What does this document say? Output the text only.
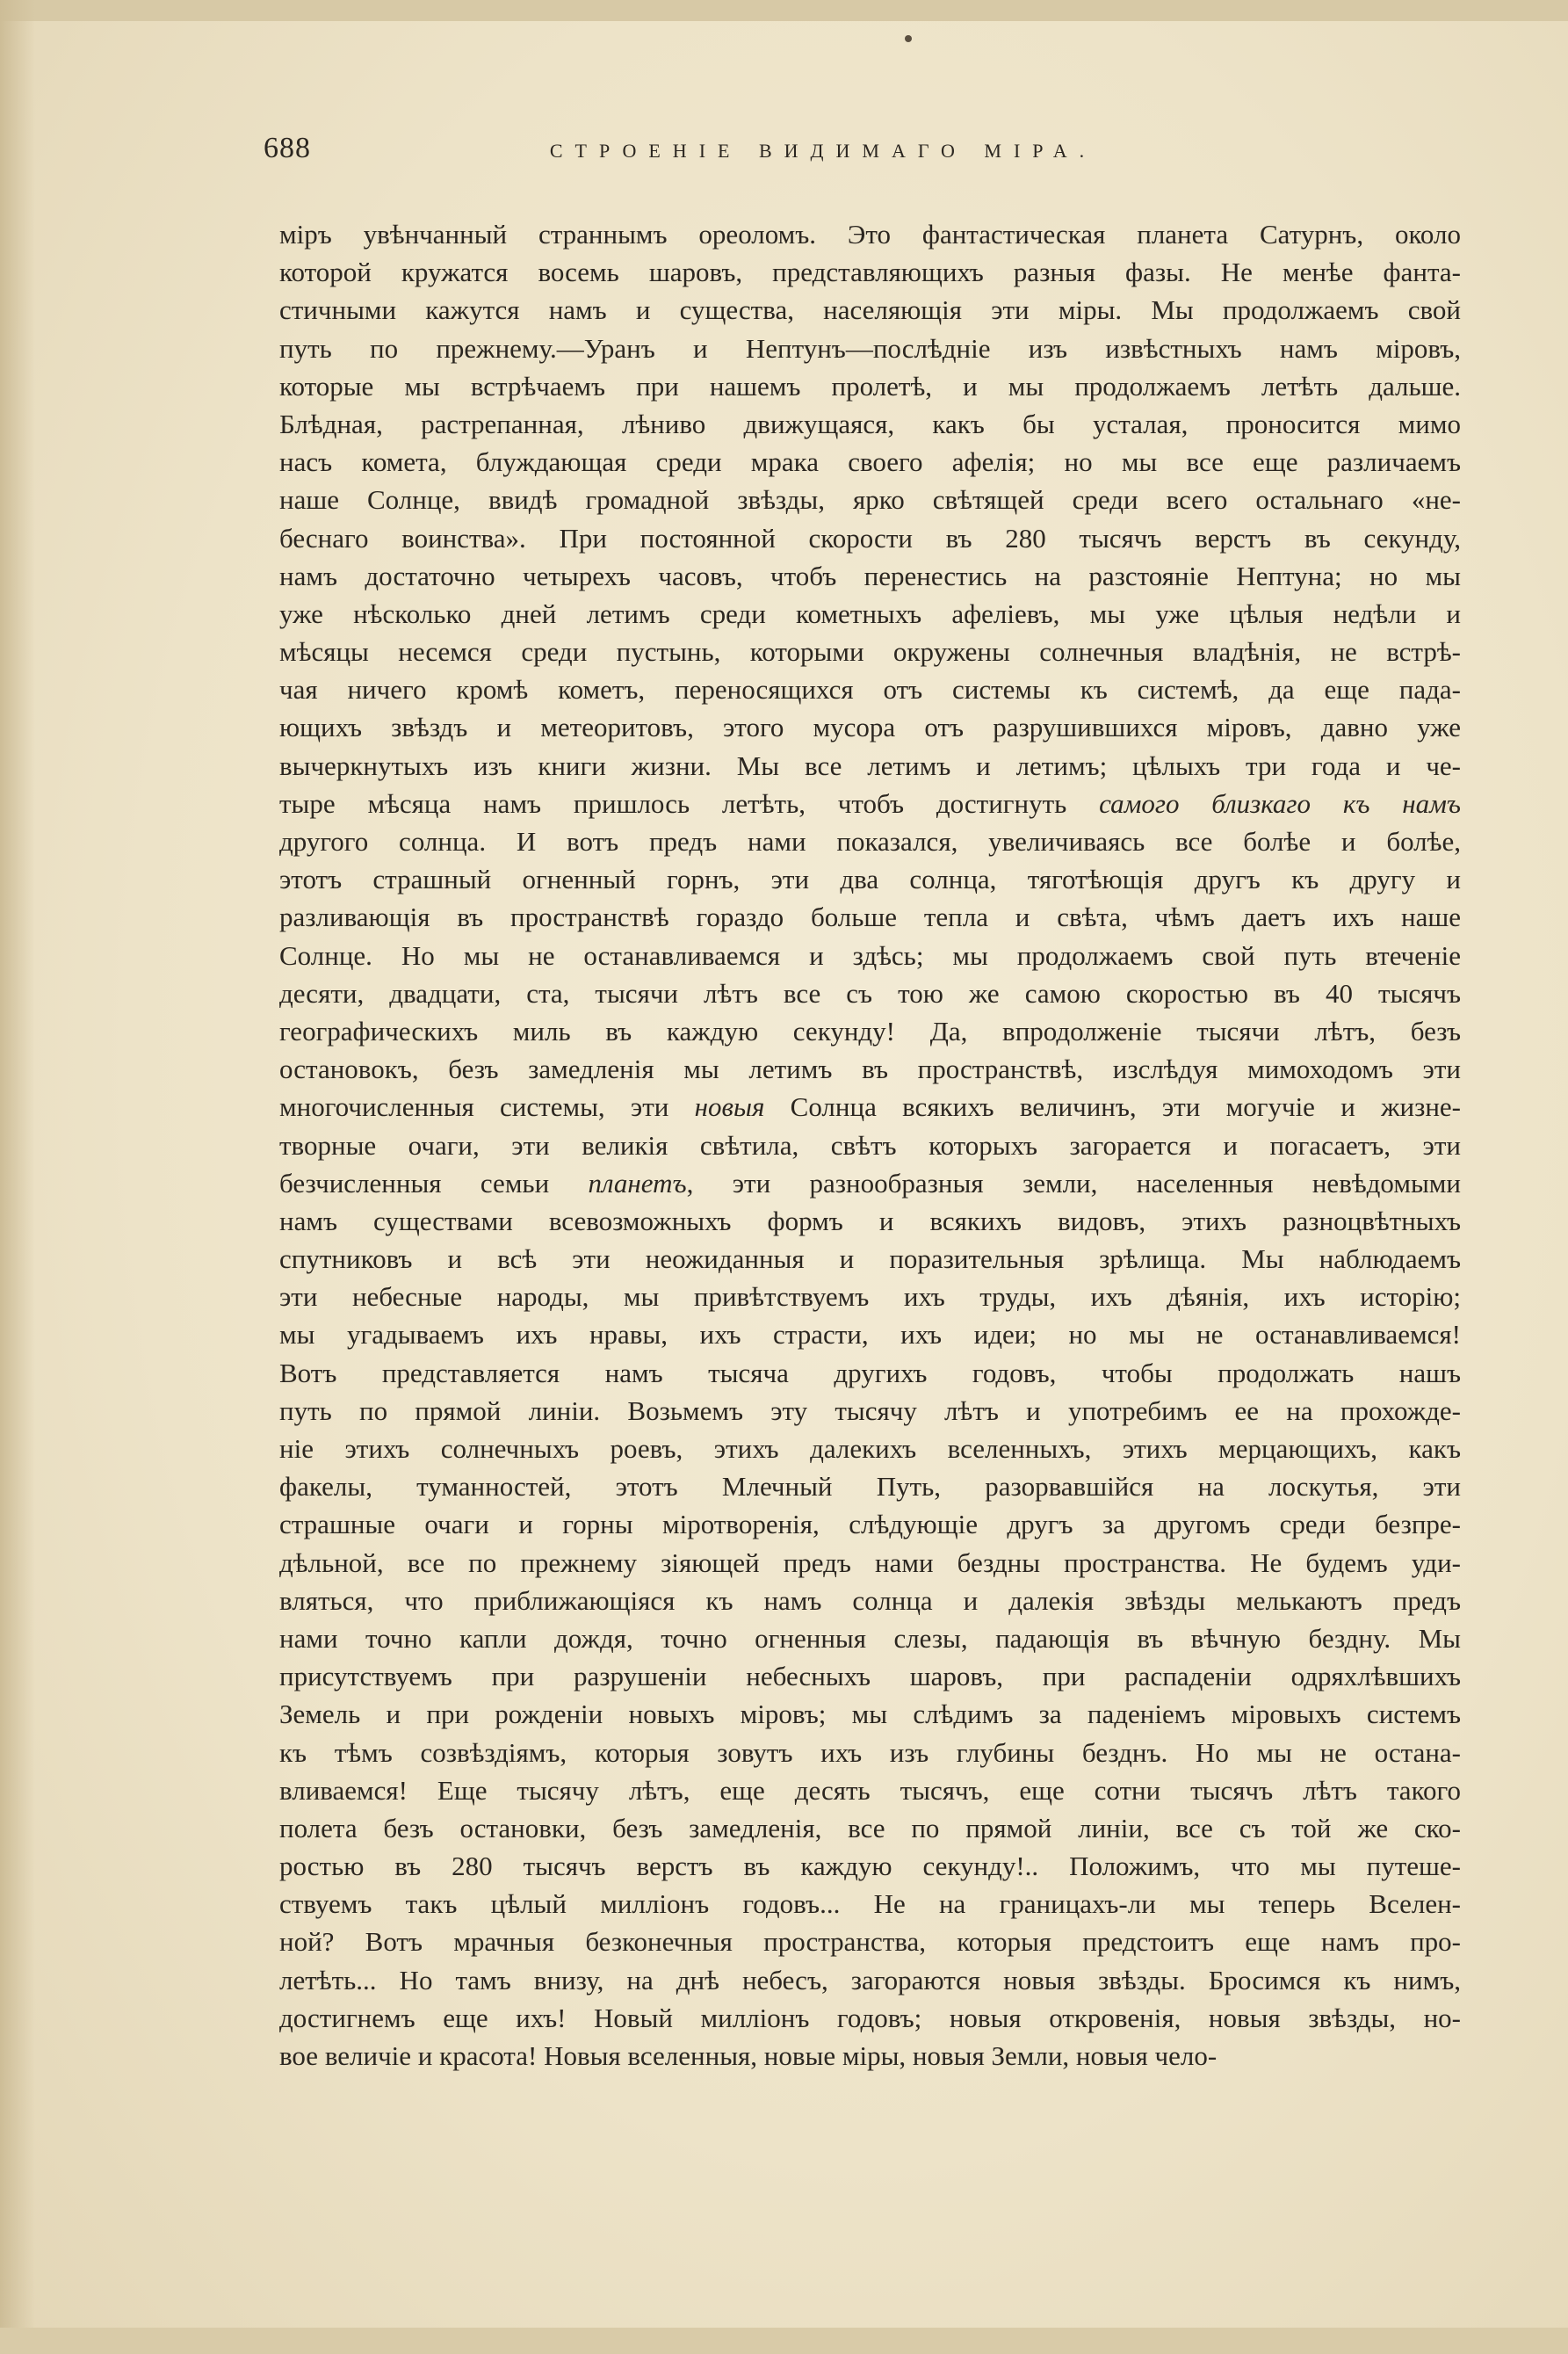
688	СТРОЕНІЕ ВИДИМАГО МІРА.
міръ увѣнчанный страннымъ ореоломъ. Это фантастическая планета Сатурнъ, около
которой кружатся восемь шаровъ, представляющихъ разныя фазы. Не менѣе фанта-
стичными кажутся намъ и существа, населяющія эти міры. Мы продолжаемъ свой
путь по прежнему.—Уранъ и Нептунъ—послѣдніе изъ извѣстныхъ намъ міровъ,
которые мы встрѣчаемъ при нашемъ пролетѣ, и мы продолжаемъ летѣть дальше.
Блѣдная, растрепанная, лѣниво движущаяся, какъ бы усталая, проносится мимо
насъ комета, блуждающая среди мрака своего афелія; но мы все еще различаемъ
наше Солнце, ввидѣ громадной звѣзды, ярко свѣтящей среди всего остальнаго «не-
беснаго воинства». При постоянной скорости въ 280 тысячъ верстъ въ секунду,
намъ достаточно четырехъ часовъ, чтобъ перенестись на разстояніе Нептуна; но мы
уже нѣсколько дней летимъ среди кометныхъ афеліевъ, мы уже цѣлыя недѣли и
мѣсяцы несемся среди пустынь, которыми окружены солнечныя владѣнія, не встрѣ-
чая ничего кромѣ кометъ, переносящихся отъ системы къ системѣ, да еще пада-
ющихъ звѣздъ и метеоритовъ, этого мусора отъ разрушившихся міровъ, давно уже
вычеркнутыхъ изъ книги жизни. Мы все летимъ и летимъ; цѣлыхъ три года и че-
тыре мѣсяца намъ пришлось летѣть, чтобъ достигнуть самого близкаго къ намъ
другого солнца. И вотъ предъ нами показался, увеличиваясь все болѣе и болѣе,
этотъ страшный огненный горнъ, эти два солнца, тяготѣющія другъ къ другу и
разливающія въ пространствѣ гораздо больше тепла и свѣта, чѣмъ даетъ ихъ наше
Солнце. Но мы не останавливаемся и здѣсь; мы продолжаемъ свой путь втеченіе
десяти, двадцати, ста, тысячи лѣтъ все съ тою же самою скоростью въ 40 тысячъ
географическихъ миль въ каждую секунду! Да, впродолженіе тысячи лѣтъ, безъ
остановокъ, безъ замедленія мы летимъ въ пространствѣ, изслѣдуя мимоходомъ эти
многочисленныя системы, эти новыя Солнца всякихъ величинъ, эти могучіе и жизне-
творные очаги, эти великія свѣтила, свѣтъ которыхъ загорается и погасаетъ, эти
безчисленныя семьи планетъ, эти разнообразныя земли, населенныя невѣдомыми
намъ существами всевозможныхъ формъ и всякихъ видовъ, этихъ разноцвѣтныхъ
спутниковъ и всѣ эти неожиданныя и поразительныя зрѣлища. Мы наблюдаемъ
эти небесные народы, мы привѣтствуемъ ихъ труды, ихъ дѣянія, ихъ исторію;
мы угадываемъ ихъ нравы, ихъ страсти, ихъ идеи; но мы не останавливаемся!
Вотъ представляется намъ тысяча другихъ годовъ, чтобы продолжать нашъ
путь по прямой линіи. Возьмемъ эту тысячу лѣтъ и употребимъ ее на прохожде-
ніе этихъ солнечныхъ роевъ, этихъ далекихъ вселенныхъ, этихъ мерцающихъ, какъ
факелы, туманностей, этотъ Млечный Путь, разорвавшійся на лоскутья, эти
страшные очаги и горны міротворенія, слѣдующіе другъ за другомъ среди безпре-
дѣльной, все по прежнему зіяющей предъ нами бездны пространства. Не будемъ уди-
вляться, что приближающіяся къ намъ солнца и далекія звѣзды мелькаютъ предъ
нами точно капли дождя, точно огненныя слезы, падающія въ вѣчную бездну. Мы
присутствуемъ при разрушеніи небесныхъ шаровъ, при распаденіи одряхлѣвшихъ
Земель и при рожденіи новыхъ міровъ; мы слѣдимъ за паденіемъ міровыхъ системъ
къ тѣмъ созвѣздіямъ, которыя зовутъ ихъ изъ глубины безднъ. Но мы не остана-
вливаемся! Еще тысячу лѣтъ, еще десять тысячъ, еще сотни тысячъ лѣтъ такого
полета безъ остановки, безъ замедленія, все по прямой линіи, все съ той же ско-
ростью въ 280 тысячъ верстъ въ каждую секунду!.. Положимъ, что мы путеше-
ствуемъ такъ цѣлый милліонъ годовъ... Не на границахъ-ли мы теперь Вселен-
ной? Вотъ мрачныя безконечныя пространства, которыя предстоитъ еще намъ про-
летѣть... Но тамъ внизу, на днѣ небесъ, загораются новыя звѣзды. Бросимся къ нимъ,
достигнемъ еще ихъ! Новый милліонъ годовъ; новыя откровенія, новыя звѣзды, но-
вое величіе и красота! Новыя вселенныя, новые міры, новыя Земли, новыя чело-
